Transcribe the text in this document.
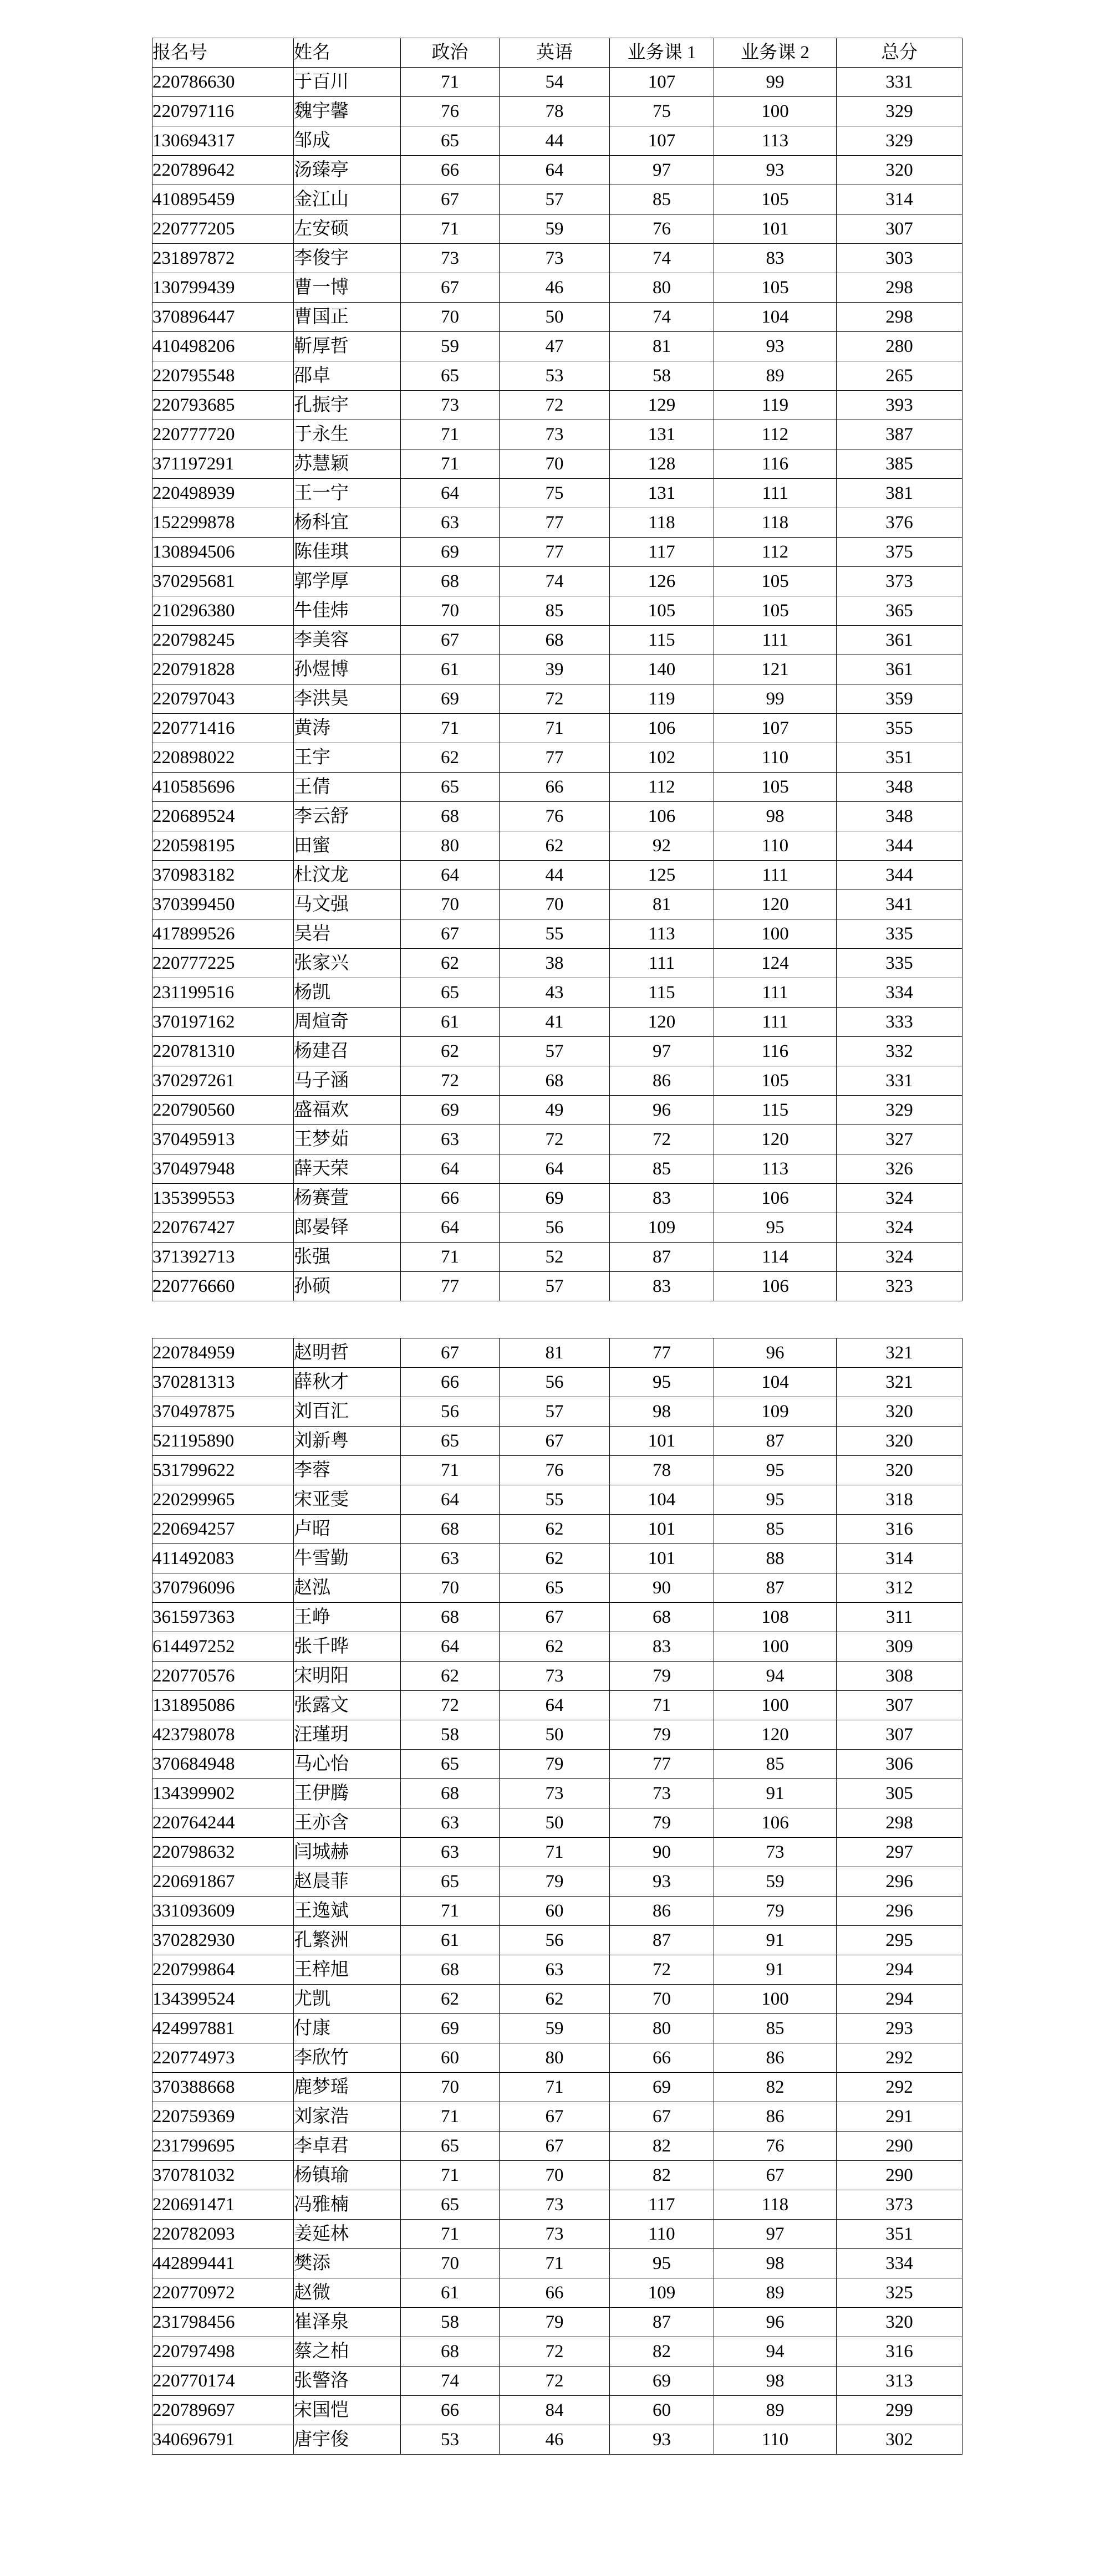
报名号	姓名	政治	英语	业务课 1	业务课 2	总分
220786630	于百川	71	54	107	99	331
220797116	魏宇馨	76	78	75	100	329
130694317	邹成	65	44	107	113	329
220789642	汤臻亭	66	64	97	93	320
410895459	金江山	67	57	85	105	314
220777205	左安硕	71	59	76	101	307
231897872	李俊宇	73	73	74	83	303
130799439	曹一博	67	46	80	105	298
370896447	曹国正	70	50	74	104	298
410498206	靳厚哲	59	47	81	93	280
220795548	邵卓	65	53	58	89	265
220793685	孔振宇	73	72	129	119	393
220777720	于永生	71	73	131	112	387
371197291	苏慧颖	71	70	128	116	385
220498939	王一宁	64	75	131	111	381
152299878	杨科宜	63	77	118	118	376
130894506	陈佳琪	69	77	117	112	375
370295681	郭学厚	68	74	126	105	373
210296380	牛佳炜	70	85	105	105	365
220798245	李美容	67	68	115	111	361
220791828	孙煜博	61	39	140	121	361
220797043	李洪昊	69	72	119	99	359
220771416	黄涛	71	71	106	107	355
220898022	王宇	62	77	102	110	351
410585696	王倩	65	66	112	105	348
220689524	李云舒	68	76	106	98	348
220598195	田蜜	80	62	92	110	344
370983182	杜汶龙	64	44	125	111	344
370399450	马文强	70	70	81	120	341
417899526	吴岩	67	55	113	100	335
220777225	张家兴	62	38	111	124	335
231199516	杨凯	65	43	115	111	334
370197162	周煊奇	61	41	120	111	333
220781310	杨建召	62	57	97	116	332
370297261	马子涵	72	68	86	105	331
220790560	盛福欢	69	49	96	115	329
370495913	王梦茹	63	72	72	120	327
370497948	薛天荣	64	64	85	113	326
135399553	杨赛萱	66	69	83	106	324
220767427	郎晏铎	64	56	109	95	324
371392713	张强	71	52	87	114	324
220776660	孙硕	77	57	83	106	323
220784959	赵明哲	67	81	77	96	321
370281313	薛秋才	66	56	95	104	321
370497875	刘百汇	56	57	98	109	320
521195890	刘新粤	65	67	101	87	320
531799622	李蓉	71	76	78	95	320
220299965	宋亚雯	64	55	104	95	318
220694257	卢昭	68	62	101	85	316
411492083	牛雪勤	63	62	101	88	314
370796096	赵泓	70	65	90	87	312
361597363	王峥	68	67	68	108	311
614497252	张千晔	64	62	83	100	309
220770576	宋明阳	62	73	79	94	308
131895086	张露文	72	64	71	100	307
423798078	汪瑾玥	58	50	79	120	307
370684948	马心怡	65	79	77	85	306
134399902	王伊腾	68	73	73	91	305
220764244	王亦含	63	50	79	106	298
220798632	闫城赫	63	71	90	73	297
220691867	赵晨菲	65	79	93	59	296
331093609	王逸斌	71	60	86	79	296
370282930	孔繁洲	61	56	87	91	295
220799864	王梓旭	68	63	72	91	294
134399524	尤凯	62	62	70	100	294
424997881	付康	69	59	80	85	293
220774973	李欣竹	60	80	66	86	292
370388668	鹿梦瑶	70	71	69	82	292
220759369	刘家浩	71	67	67	86	291
231799695	李卓君	65	67	82	76	290
370781032	杨镇瑜	71	70	82	67	290
220691471	冯雅楠	65	73	117	118	373
220782093	姜延林	71	73	110	97	351
442899441	樊添	70	71	95	98	334
220770972	赵微	61	66	109	89	325
231798456	崔泽泉	58	79	87	96	320
220797498	蔡之柏	68	72	82	94	316
220770174	张警洛	74	72	69	98	313
220789697	宋国恺	66	84	60	89	299
340696791	唐宇俊	53	46	93	110	302
